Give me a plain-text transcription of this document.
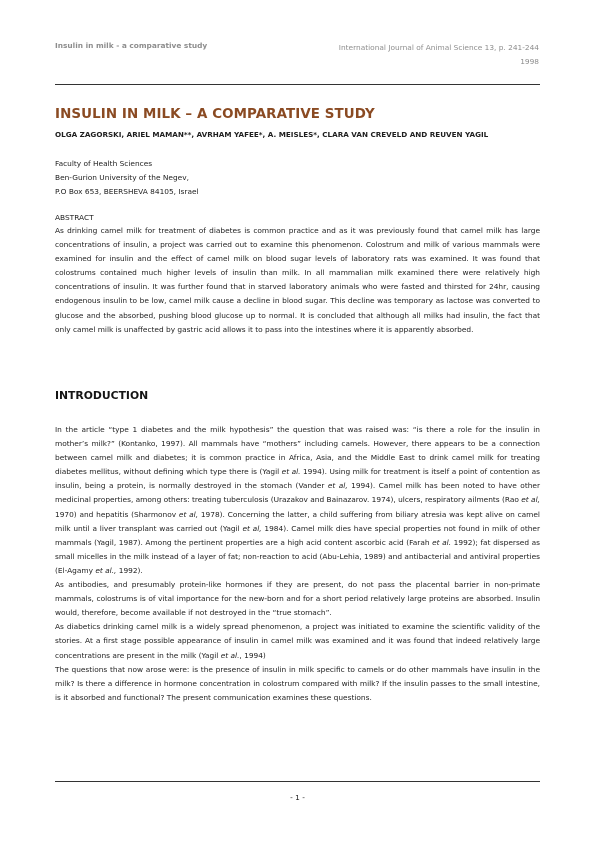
Insulin in milk - a comparative study	International Journal of Animal Science 13, p. 241-244
1998
INSULIN IN MILK – A COMPARATIVE STUDY
OLGA ZAGORSKI, ARIEL MAMAN**, AVRHAM YAFEE*, A. MEISLES*, CLARA VAN CREVELD AND REUVEN YAGIL
Faculty of Health Sciences
Ben-Gurion University of the Negev,
P.O Box 653, BEERSHEVA 84105, Israel
ABSTRACT
As drinking camel milk for treatment of diabetes is common practice and as it was previously found that camel milk has large concentrations of insulin, a project was carried out to examine this phenomenon. Colostrum and milk of various mammals were examined for insulin and the effect of camel milk on blood sugar levels of laboratory rats was examined. It was found that colostrums contained much higher levels of insulin than milk. In all mammalian milk examined there were relatively high concentrations of insulin. It was further found that in starved laboratory animals who were fasted and thirsted for 24hr, causing endogenous insulin to be low, camel milk cause a decline in blood sugar. This decline was temporary as lactose was converted to glucose and the absorbed, pushing blood glucose up to normal. It is concluded that although all milks had insulin, the fact that only camel milk is unaffected by gastric acid allows it to pass into the intestines where it is apparently absorbed.
INTRODUCTION

In the article “type 1 diabetes and the milk hypothesis” the question that was raised was: “is there a role for the insulin in mother’s milk?” (Kontanko, 1997). All mammals have “mothers” including camels. However, there appears to be a connection between camel milk and diabetes; it is common practice in Africa, Asia, and the Middle East to drink camel milk for treating diabetes mellitus, without defining which type there is (Yagil et al. 1994). Using milk for treatment is itself a point of contention as insulin, being a protein, is normally destroyed in the stomach (Vander et al, 1994). Camel milk has been noted to have other medicinal properties, among others: treating tuberculosis (Urazakov and Bainazarov. 1974), ulcers, respiratory ailments (Rao et al, 1970) and hepatitis (Sharmonov et al, 1978). Concerning the latter, a child suffering from biliary atresia was kept alive on camel milk until a liver transplant was carried out (Yagil et al, 1984). Camel milk dies have special properties not found in milk of other mammals (Yagil, 1987). Among the pertinent properties are a high acid content ascorbic acid (Farah et al. 1992); fat dispersed as small micelles in the milk instead of a layer of fat; non-reaction to acid (Abu-Lehia, 1989) and antibacterial and antiviral properties (El-Agamy et al., 1992).

As antibodies, and presumably protein-like hormones if they are present, do not pass the placental barrier in non-primate mammals, colostrums is of vital importance for the new-born and for a short period relatively large proteins are absorbed. Insulin would, therefore, become available if not destroyed in the “true stomach”.

As diabetics drinking camel milk is a widely spread phenomenon, a project was initiated to examine the scientific validity of the stories. At a first stage possible appearance of insulin in camel milk was examined and it was found that indeed relatively large concentrations are present in the milk (Yagil et al., 1994)

The questions that now arose were: is the presence of insulin in milk specific to camels or do other mammals have insulin in the milk? Is there a difference in hormone concentration in colostrum compared with milk? If the insulin passes to the small intestine, is it absorbed and functional? The present communication examines these questions.

- 1 -
